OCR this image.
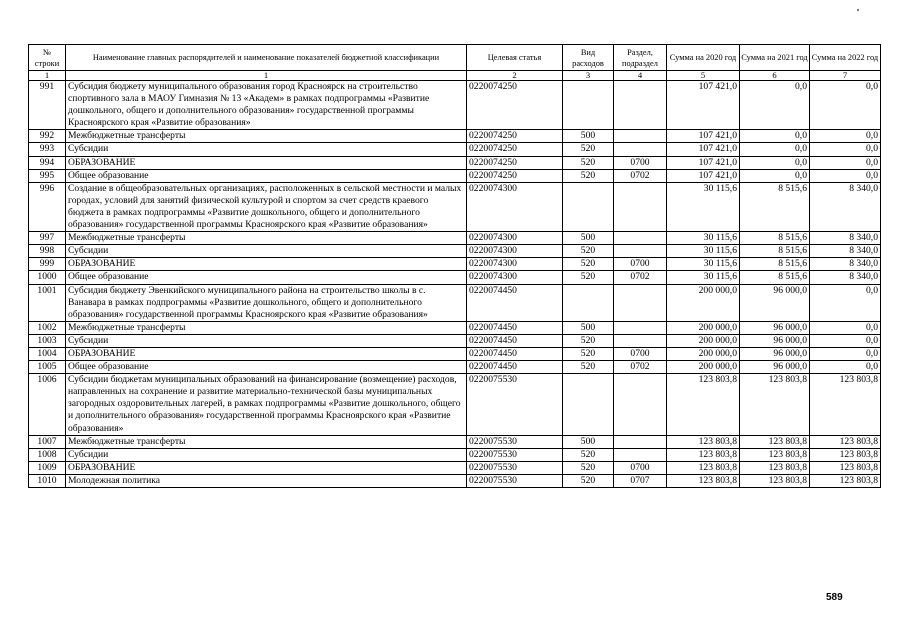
№ строки	Наименование главных распорядителей и наименование показателей бюджетной классификации	Целевая статья	Вид расходов	Раздел, подраздел	Сумма на 2020 год	Сумма на 2021 год	Сумма на 2022 год
1	1	2	3	4	5	6	7
991	Субсидия бюджету муниципального образования город Красноярск на строительство спортивного зала в МАОУ Гимназия № 13 «Академ» в рамках подпрограммы «Развитие дошкольного, общего и дополнительного образования» государственной программы Красноярского края «Развитие образования»	0220074250			107 421,0	0,0	0,0
992	Межбюджетные трансферты	0220074250	500		107 421,0	0,0	0,0
993	Субсидии	0220074250	520		107 421,0	0,0	0,0
994	ОБРАЗОВАНИЕ	0220074250	520	0700	107 421,0	0,0	0,0
995	Общее образование	0220074250	520	0702	107 421,0	0,0	0,0
996	Создание в общеобразовательных организациях, расположенных в сельской местности и малых городах, условий для занятий физической культурой и спортом за счет средств краевого бюджета в рамках подпрограммы «Развитие дошкольного, общего и дополнительного образования» государственной программы Красноярского края «Развитие образования»	0220074300			30 115,6	8 515,6	8 340,0
997	Межбюджетные трансферты	0220074300	500		30 115,6	8 515,6	8 340,0
998	Субсидии	0220074300	520		30 115,6	8 515,6	8 340,0
999	ОБРАЗОВАНИЕ	0220074300	520	0700	30 115,6	8 515,6	8 340,0
1000	Общее образование	0220074300	520	0702	30 115,6	8 515,6	8 340,0
1001	Субсидия бюджету Эвенкийского муниципального района на строительство школы в с. Ванавара в рамках подпрограммы «Развитие дошкольного, общего и дополнительного образования» государственной программы Красноярского края «Развитие образования»	0220074450			200 000,0	96 000,0	0,0
1002	Межбюджетные трансферты	0220074450	500		200 000,0	96 000,0	0,0
1003	Субсидии	0220074450	520		200 000,0	96 000,0	0,0
1004	ОБРАЗОВАНИЕ	0220074450	520	0700	200 000,0	96 000,0	0,0
1005	Общее образование	0220074450	520	0702	200 000,0	96 000,0	0,0
1006	Субсидии бюджетам муниципальных образований на финансирование (возмещение) расходов, направленных на сохранение и развитие материально-технической базы муниципальных загородных оздоровительных лагерей, в рамках подпрограммы «Развитие дошкольного, общего и дополнительного образования» государственной программы Красноярского края «Развитие образования»	0220075530			123 803,8	123 803,8	123 803,8
1007	Межбюджетные трансферты	0220075530	500		123 803,8	123 803,8	123 803,8
1008	Субсидии	0220075530	520		123 803,8	123 803,8	123 803,8
1009	ОБРАЗОВАНИЕ	0220075530	520	0700	123 803,8	123 803,8	123 803,8
1010	Молодежная политика	0220075530	520	0707	123 803,8	123 803,8	123 803,8
589
